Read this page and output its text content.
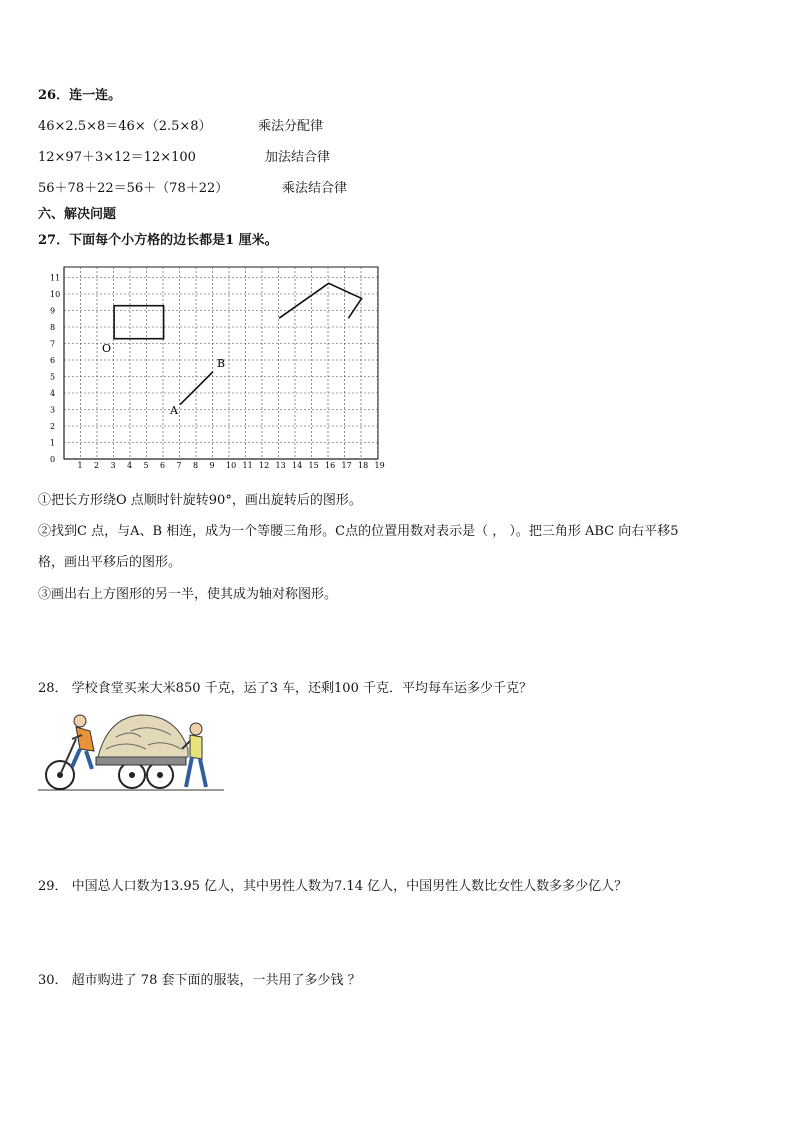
26．连一连。
46×2.5×8＝46×（2.5×8）	乘法分配律
12×97＋3×12＝12×100	加法结合律
56＋78＋22＝56＋（78＋22）	乘法结合律
六、解决问题
27．下面每个小方格的边长都是1 厘米。
1 2 3 4 5 6 7 8 9 10 11 12 13 14 15 16 17 18 19
0
1
2
3
4
5
6
7
8
9
10
11
O
A
B
①把长方形绕O 点顺时针旋转90°，画出旋转后的图形。
②找到C 点，与A、B 相连，成为一个等腰三角形。C点的位置用数对表示是（ ， ）。把三角形 ABC 向右平移5
格，画出平移后的图形。
③画出右上方图形的另一半，使其成为轴对称图形。
28． 学校食堂买来大米850 千克，运了3 车，还剩100 千克．平均每车运多少千克？
29． 中国总人口数为13.95 亿人，其中男性人数为7.14 亿人，中国男性人数比女性人数多多少亿人？
30． 超市购进了 78 套下面的服装，一共用了多少钱 ？
